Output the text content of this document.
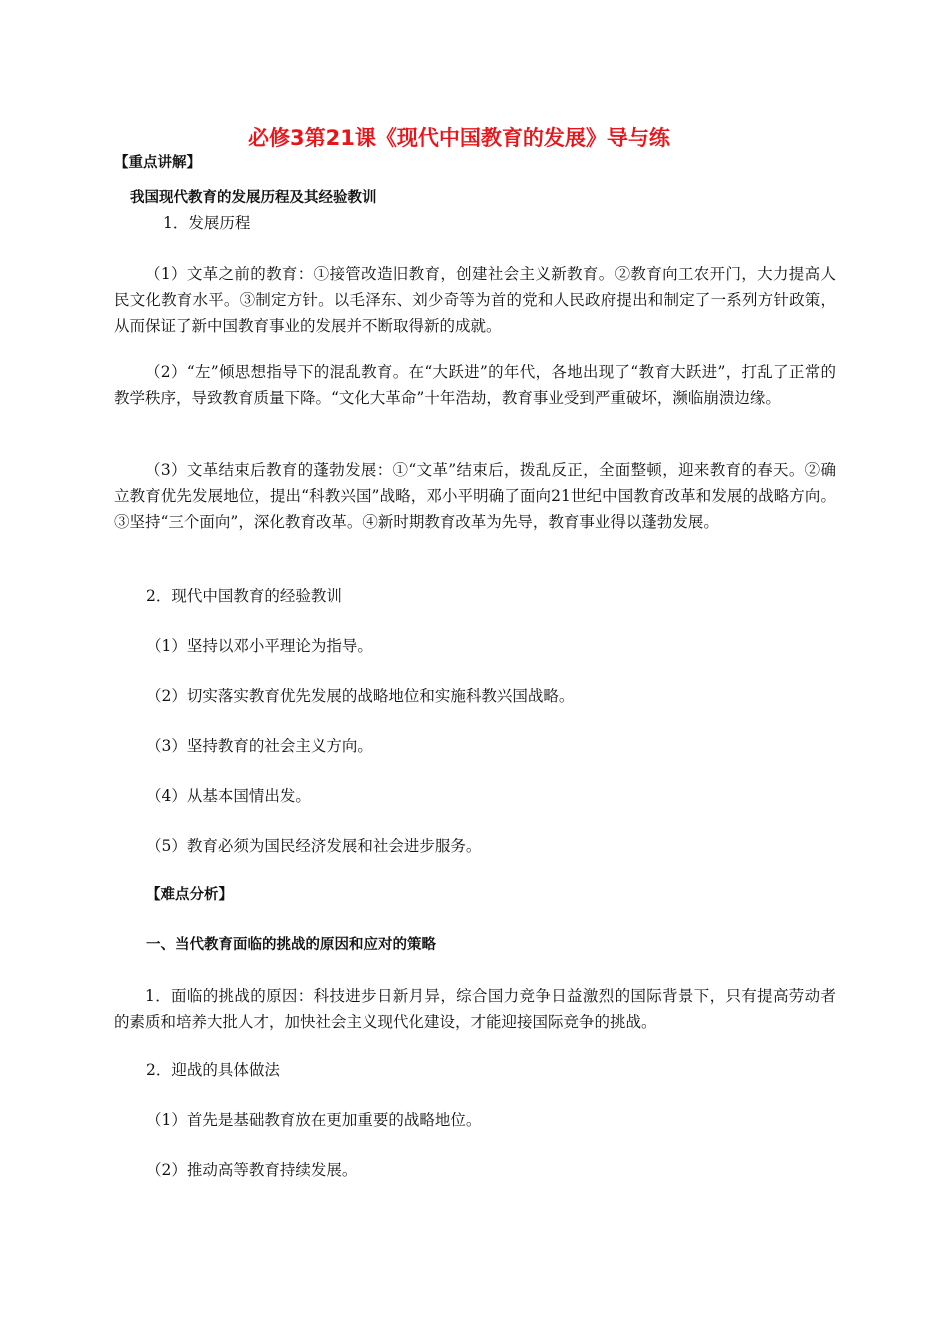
必修3第21课《现代中国教育的发展》导与练
【重点讲解】
我国现代教育的发展历程及其经验教训
1．发展历程
（1）文革之前的教育：①接管改造旧教育，创建社会主义新教育。②教育向工农开门，大力提高人民文化教育水平。③制定方针。以毛泽东、刘少奇等为首的党和人民政府提出和制定了一系列方针政策，从而保证了新中国教育事业的发展并不断取得新的成就。
（2）“左”倾思想指导下的混乱教育。在“大跃进”的年代，各地出现了“教育大跃进”，打乱了正常的教学秩序，导致教育质量下降。“文化大革命”十年浩劫，教育事业受到严重破坏，濒临崩溃边缘。
（3）文革结束后教育的蓬勃发展：①“文革”结束后，拨乱反正，全面整顿，迎来教育的春天。②确立教育优先发展地位，提出“科教兴国”战略，邓小平明确了面向21世纪中国教育改革和发展的战略方向。③坚持“三个面向”，深化教育改革。④新时期教育改革为先导，教育事业得以蓬勃发展。
2．现代中国教育的经验教训
（1）坚持以邓小平理论为指导。
（2）切实落实教育优先发展的战略地位和实施科教兴国战略。
（3）坚持教育的社会主义方向。
（4）从基本国情出发。
（5）教育必须为国民经济发展和社会进步服务。
【难点分析】
一、当代教育面临的挑战的原因和应对的策略
1．面临的挑战的原因：科技进步日新月异，综合国力竞争日益激烈的国际背景下，只有提高劳动者的素质和培养大批人才，加快社会主义现代化建设，才能迎接国际竞争的挑战。
2．迎战的具体做法
（1）首先是基础教育放在更加重要的战略地位。
（2）推动高等教育持续发展。
